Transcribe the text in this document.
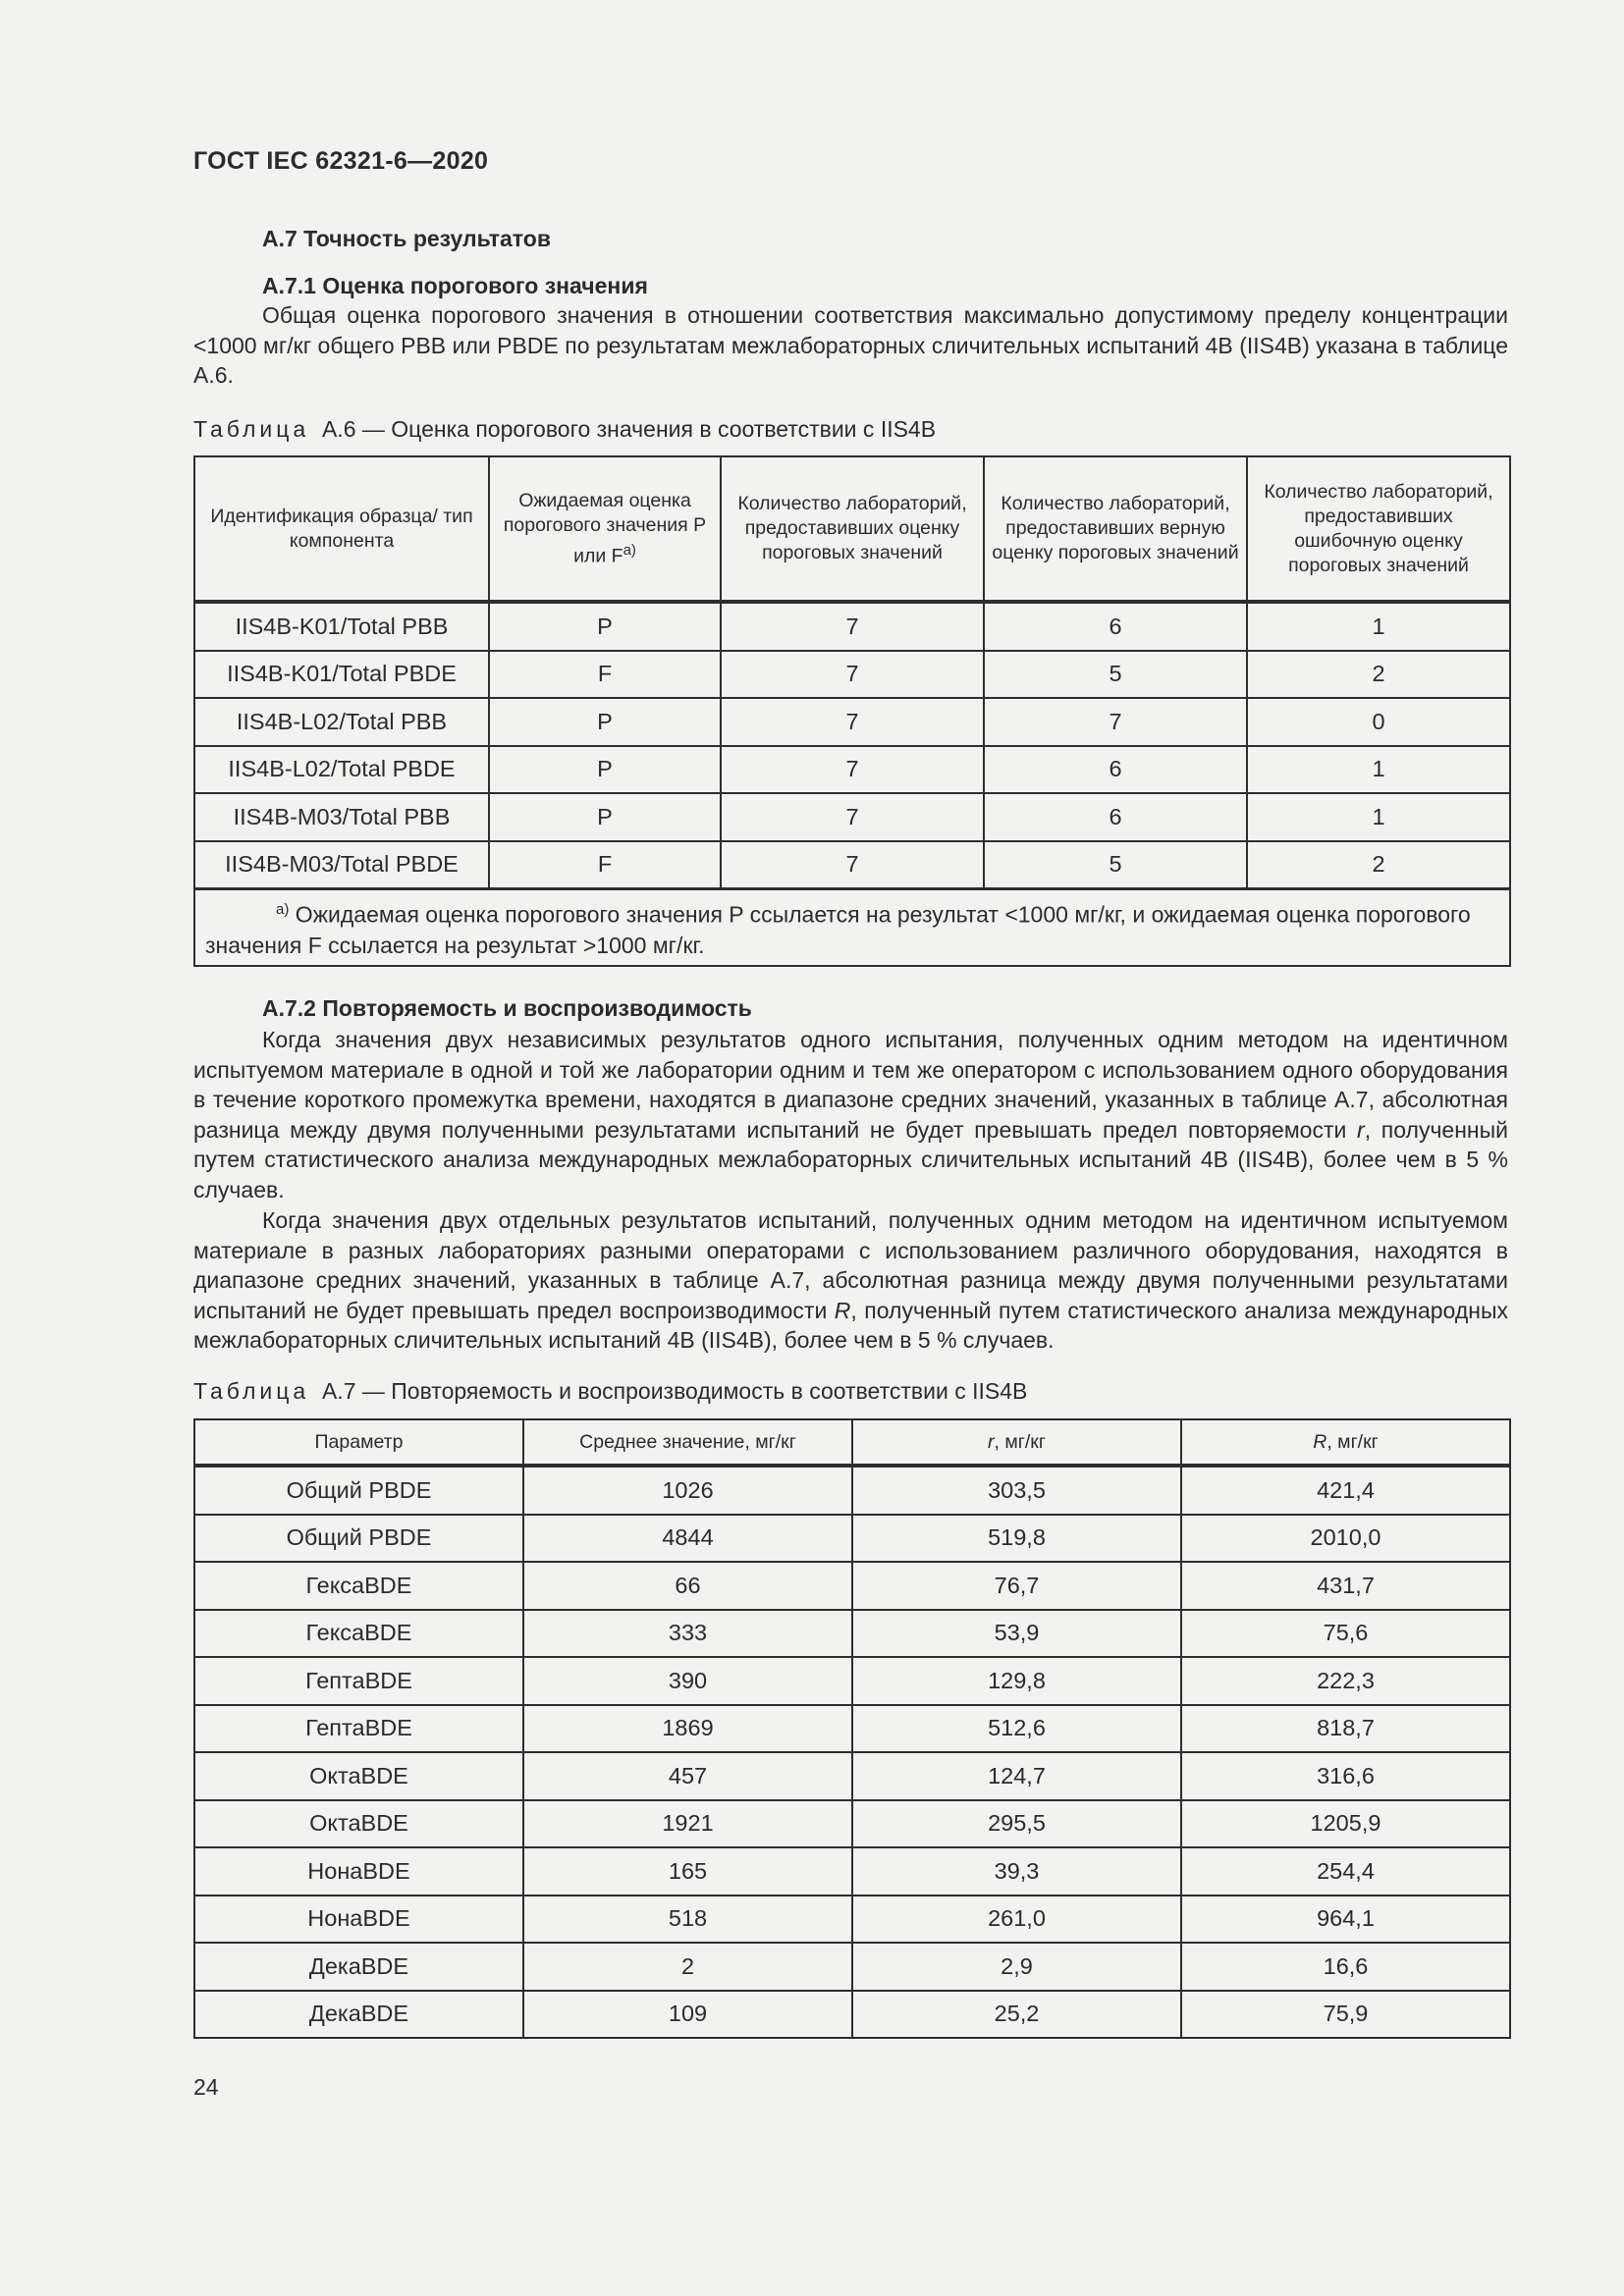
ГОСТ IEC 62321-6—2020
А.7 Точность результатов
А.7.1 Оценка порогового значения
Общая оценка порогового значения в отношении соответствия максимально допустимому пределу концентрации <1000 мг/кг общего PBB или PBDE по результатам межлабораторных сличительных испытаний 4B (IIS4B) указана в таблице А.6.
Таблица А.6 — Оценка порогового значения в соответствии с IIS4B
Идентификация образца/ тип компонента	Ожидаемая оценка порогового значения P или $F^{а)}$	Количество лабораторий, предоставивших оценку пороговых значений	Количество лабораторий, предоставивших верную оценку пороговых значений	Количество лабораторий, предоставивших ошибочную оценку пороговых значений
IIS4B-K01/Total PBB	P	7	6	1
IIS4B-K01/Total PBDE	F	7	5	2
IIS4B-L02/Total PBB	P	7	7	0
IIS4B-L02/Total PBDE	P	7	6	1
IIS4B-M03/Total PBB	P	7	6	1
IIS4B-M03/Total PBDE	F	7	5	2
$^{а)}$ Ожидаемая оценка порогового значения P ссылается на результат <1000 мг/кг, и ожидаемая оценка порогового значения F ссылается на результат >1000 мг/кг.				
А.7.2 Повторяемость и воспроизводимость
Когда значения двух независимых результатов одного испытания, полученных одним методом на идентичном испытуемом материале в одной и той же лаборатории одним и тем же оператором с использованием одного оборудования в течение короткого промежутка времени, находятся в диапазоне средних значений, указанных в таблице А.7, абсолютная разница между двумя полученными результатами испытаний не будет превышать предел повторяемости r, полученный путем статистического анализа международных межлабораторных сличительных испытаний 4B (IIS4B), более чем в 5 % случаев.
Когда значения двух отдельных результатов испытаний, полученных одним методом на идентичном испытуемом материале в разных лабораториях разными операторами с использованием различного оборудования, находятся в диапазоне средних значений, указанных в таблице А.7, абсолютная разница между двумя полученными результатами испытаний не будет превышать предел воспроизводимости R, полученный путем статистического анализа международных межлабораторных сличительных испытаний 4B (IIS4B), более чем в 5 % случаев.
Таблица А.7 — Повторяемость и воспроизводимость в соответствии с IIS4B
Параметр	Среднее значение, мг/кг	r, мг/кг	R, мг/кг
Общий PBDE	1026	303,5	421,4
Общий PBDE	4844	519,8	2010,0
ГексаBDE	66	76,7	431,7
ГексаBDE	333	53,9	75,6
ГептаBDE	390	129,8	222,3
ГептаBDE	1869	512,6	818,7
ОктаBDE	457	124,7	316,6
ОктаBDE	1921	295,5	1205,9
НонаBDE	165	39,3	254,4
НонаBDE	518	261,0	964,1
ДекаBDE	2	2,9	16,6
ДекаBDE	109	25,2	75,9
24
